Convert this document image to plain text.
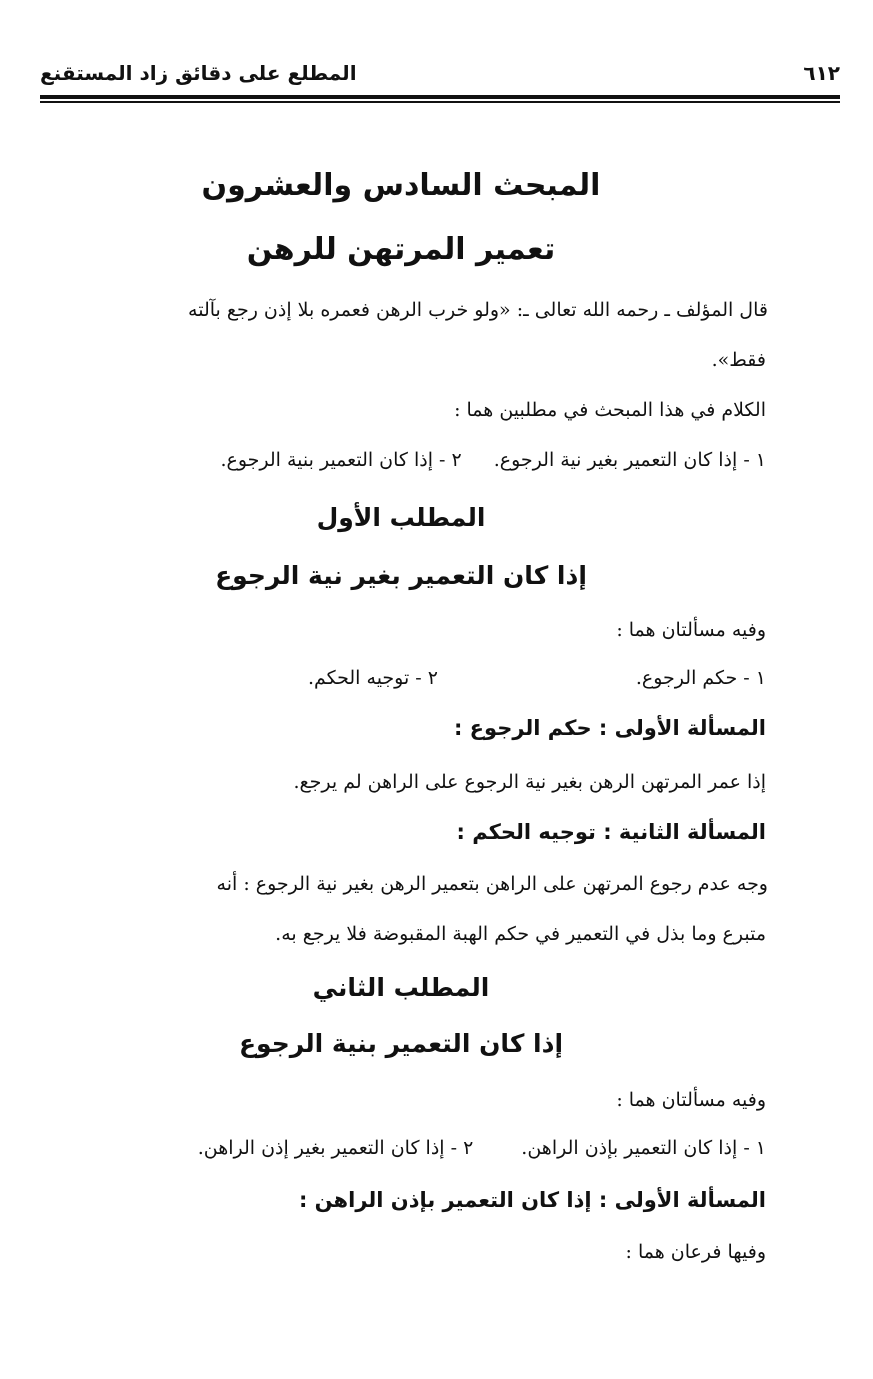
٦١٢
المطلع على دقائق زاد المستقنع
المبحث السادس والعشرون
تعمير المرتهن للرهن
قال المؤلف ـ رحمه الله تعالى ـ: «ولو خرب الرهن فعمره بلا إذن رجع بآلته
فقط».
الكلام في هذا المبحث في مطلبين هما :
١ - إذا كان التعمير بغير نية الرجوع.
٢ - إذا كان التعمير بنية الرجوع.
المطلب الأول
إذا كان التعمير بغير نية الرجوع
وفيه مسألتان هما :
١ - حكم الرجوع.
٢ - توجيه الحكم.
المسألة الأولى : حكم الرجوع :
إذا عمر المرتهن الرهن بغير نية الرجوع على الراهن لم يرجع.
المسألة الثانية : توجيه الحكم :
وجه عدم رجوع المرتهن على الراهن بتعمير الرهن بغير نية الرجوع : أنه
متبرع وما بذل في التعمير في حكم الهبة المقبوضة فلا يرجع به.
المطلب الثاني
إذا كان التعمير بنية الرجوع
وفيه مسألتان هما :
١ - إذا كان التعمير بإذن الراهن.
٢ - إذا كان التعمير بغير إذن الراهن.
المسألة الأولى : إذا كان التعمير بإذن الراهن :
وفيها فرعان هما :
